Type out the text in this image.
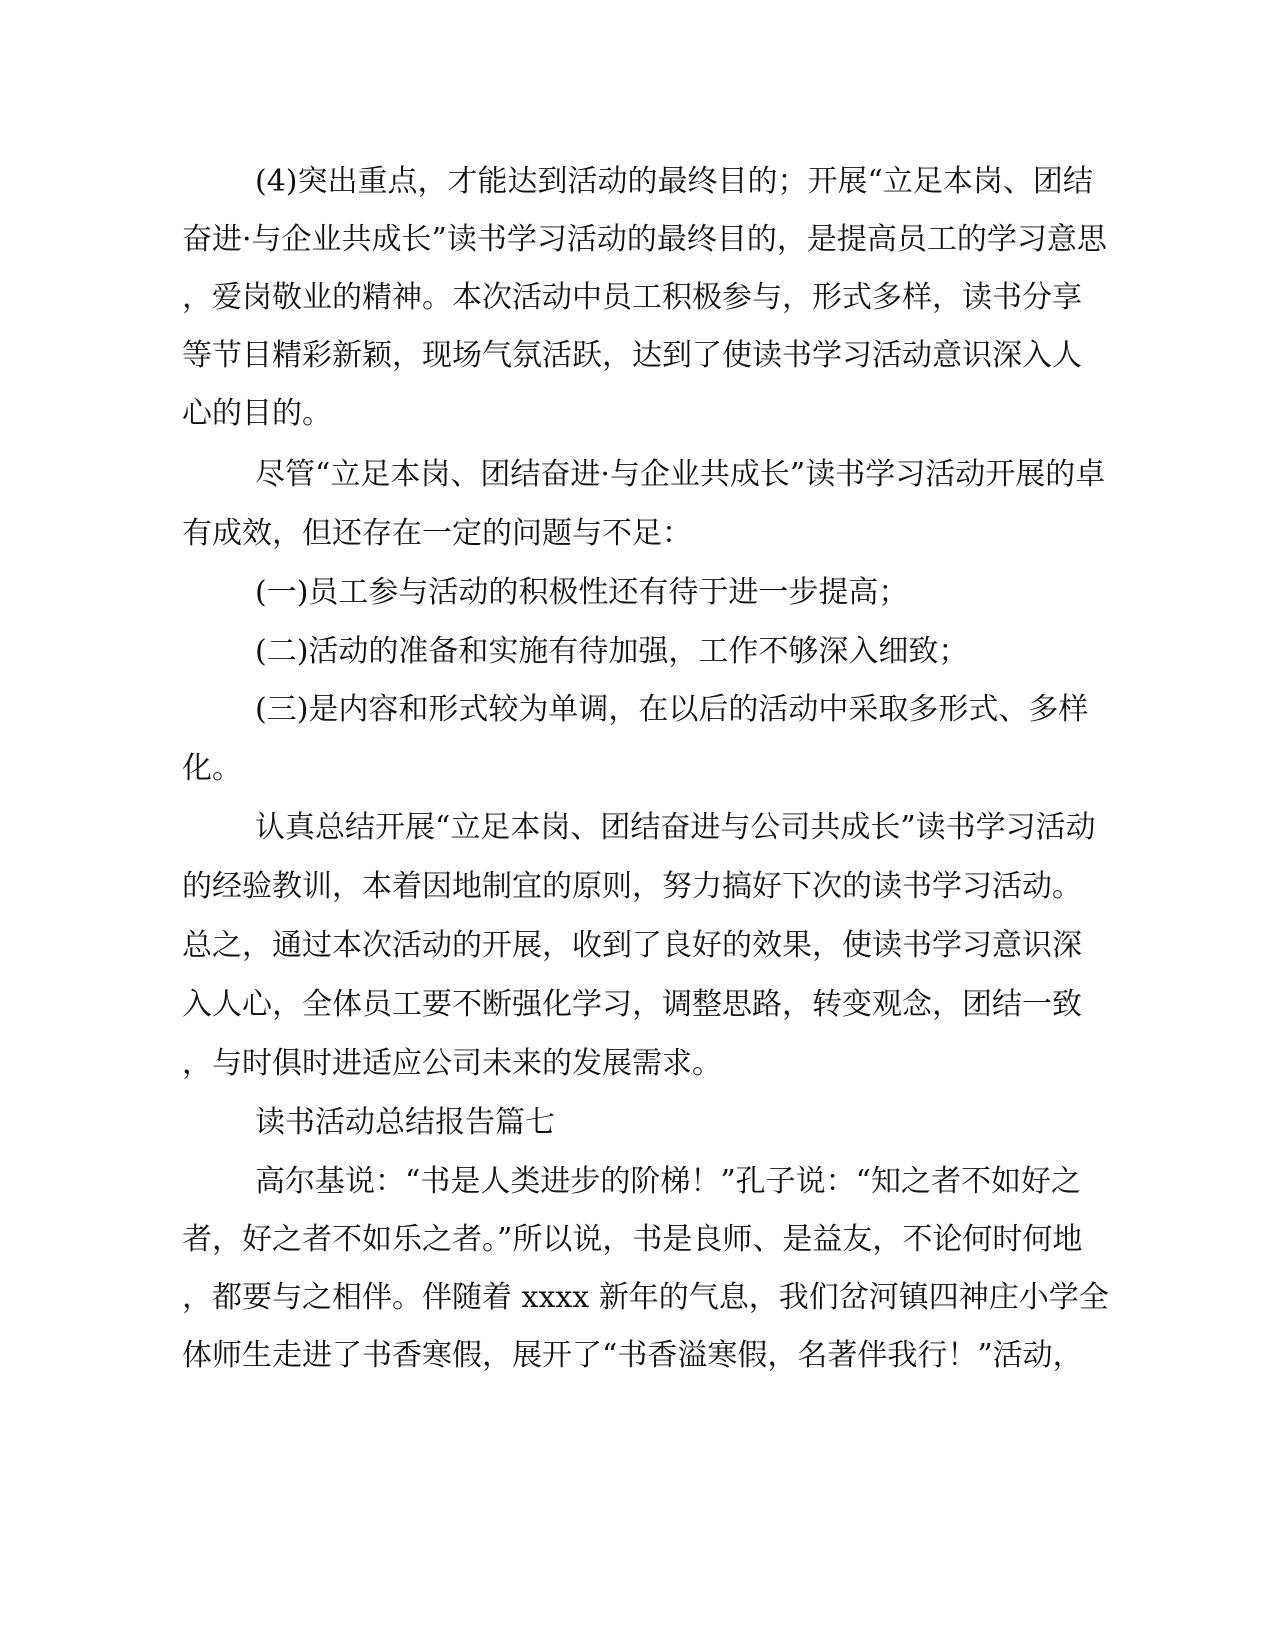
(4)突出重点，才能达到活动的最终目的；开展“立足本岗、团结
奋进·与企业共成长”读书学习活动的最终目的，是提高员工的学习意思
，爱岗敬业的精神。本次活动中员工积极参与，形式多样，读书分享
等节目精彩新颖，现场气氛活跃，达到了使读书学习活动意识深入人
心的目的。
尽管“立足本岗、团结奋进·与企业共成长”读书学习活动开展的卓
有成效，但还存在一定的问题与不足：
(一)员工参与活动的积极性还有待于进一步提高；
(二)活动的准备和实施有待加强，工作不够深入细致；
(三)是内容和形式较为单调，在以后的活动中采取多形式、多样
化。
认真总结开展“立足本岗、团结奋进与公司共成长”读书学习活动
的经验教训，本着因地制宜的原则，努力搞好下次的读书学习活动。
总之，通过本次活动的开展，收到了良好的效果，使读书学习意识深
入人心，全体员工要不断强化学习，调整思路，转变观念，团结一致
，与时俱时进适应公司未来的发展需求。
读书活动总结报告篇七
高尔基说：“书是人类进步的阶梯！”孔子说：“知之者不如好之
者，好之者不如乐之者。”所以说，书是良师、是益友，不论何时何地
，都要与之相伴。伴随着 xxxx 新年的气息，我们岔河镇四神庄小学全
体师生走进了书香寒假，展开了“书香溢寒假，名著伴我行！”活动，
